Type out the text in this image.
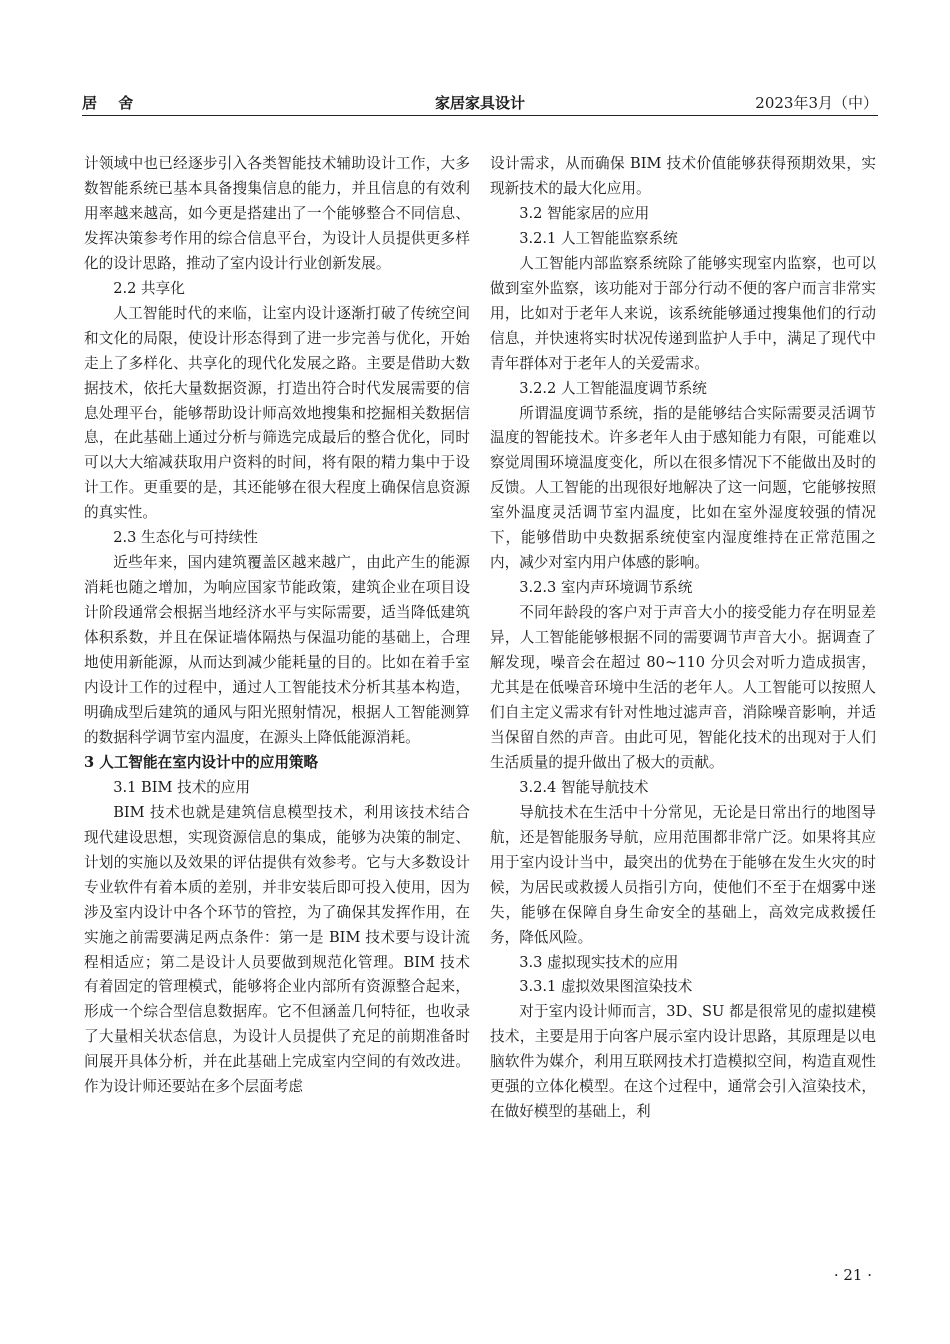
居 舍	家居家具设计	2023年3月（中）

计领域中也已经逐步引入各类智能技术辅助设计工作，大多数智能系统已基本具备搜集信息的能力，并且信息的有效利用率越来越高，如今更是搭建出了一个能够整合不同信息、发挥决策参考作用的综合信息平台，为设计人员提供更多样化的设计思路，推动了室内设计行业创新发展。

2.2 共享化

人工智能时代的来临，让室内设计逐渐打破了传统空间和文化的局限，使设计形态得到了进一步完善与优化，开始走上了多样化、共享化的现代化发展之路。主要是借助大数据技术，依托大量数据资源，打造出符合时代发展需要的信息处理平台，能够帮助设计师高效地搜集和挖掘相关数据信息，在此基础上通过分析与筛选完成最后的整合优化，同时可以大大缩减获取用户资料的时间，将有限的精力集中于设计工作。更重要的是，其还能够在很大程度上确保信息资源的真实性。

2.3 生态化与可持续性

近些年来，国内建筑覆盖区越来越广，由此产生的能源消耗也随之增加，为响应国家节能政策，建筑企业在项目设计阶段通常会根据当地经济水平与实际需要，适当降低建筑体积系数，并且在保证墙体隔热与保温功能的基础上，合理地使用新能源，从而达到减少能耗量的目的。比如在着手室内设计工作的过程中，通过人工智能技术分析其基本构造，明确成型后建筑的通风与阳光照射情况，根据人工智能测算的数据科学调节室内温度，在源头上降低能源消耗。

3 人工智能在室内设计中的应用策略

3.1 BIM 技术的应用

BIM 技术也就是建筑信息模型技术，利用该技术结合现代建设思想，实现资源信息的集成，能够为决策的制定、计划的实施以及效果的评估提供有效参考。它与大多数设计专业软件有着本质的差别，并非安装后即可投入使用，因为涉及室内设计中各个环节的管控，为了确保其发挥作用，在实施之前需要满足两点条件：第一是 BIM 技术要与设计流程相适应；第二是设计人员要做到规范化管理。BIM 技术有着固定的管理模式，能够将企业内部所有资源整合起来，形成一个综合型信息数据库。它不但涵盖几何特征，也收录了大量相关状态信息，为设计人员提供了充足的前期准备时间展开具体分析，并在此基础上完成室内空间的有效改进。作为设计师还要站在多个层面考虑

设计需求，从而确保 BIM 技术价值能够获得预期效果，实现新技术的最大化应用。

3.2 智能家居的应用

3.2.1 人工智能监察系统

人工智能内部监察系统除了能够实现室内监察，也可以做到室外监察，该功能对于部分行动不便的客户而言非常实用，比如对于老年人来说，该系统能够通过搜集他们的行动信息，并快速将实时状况传递到监护人手中，满足了现代中青年群体对于老年人的关爱需求。

3.2.2 人工智能温度调节系统

所谓温度调节系统，指的是能够结合实际需要灵活调节温度的智能技术。许多老年人由于感知能力有限，可能难以察觉周围环境温度变化，所以在很多情况下不能做出及时的反馈。人工智能的出现很好地解决了这一问题，它能够按照室外温度灵活调节室内温度，比如在室外湿度较强的情况下，能够借助中央数据系统使室内湿度维持在正常范围之内，减少对室内用户体感的影响。

3.2.3 室内声环境调节系统

不同年龄段的客户对于声音大小的接受能力存在明显差异，人工智能能够根据不同的需要调节声音大小。据调查了解发现，噪音会在超过 80~110 分贝会对听力造成损害，尤其是在低噪音环境中生活的老年人。人工智能可以按照人们自主定义需求有针对性地过滤声音，消除噪音影响，并适当保留自然的声音。由此可见，智能化技术的出现对于人们生活质量的提升做出了极大的贡献。

3.2.4 智能导航技术

导航技术在生活中十分常见，无论是日常出行的地图导航，还是智能服务导航，应用范围都非常广泛。如果将其应用于室内设计当中，最突出的优势在于能够在发生火灾的时候，为居民或救援人员指引方向，使他们不至于在烟雾中迷失，能够在保障自身生命安全的基础上，高效完成救援任务，降低风险。

3.3 虚拟现实技术的应用

3.3.1 虚拟效果图渲染技术

对于室内设计师而言，3D、SU 都是很常见的虚拟建模技术，主要是用于向客户展示室内设计思路，其原理是以电脑软件为媒介，利用互联网技术打造模拟空间，构造直观性更强的立体化模型。在这个过程中，通常会引入渲染技术，在做好模型的基础上，利

· 21 ·
